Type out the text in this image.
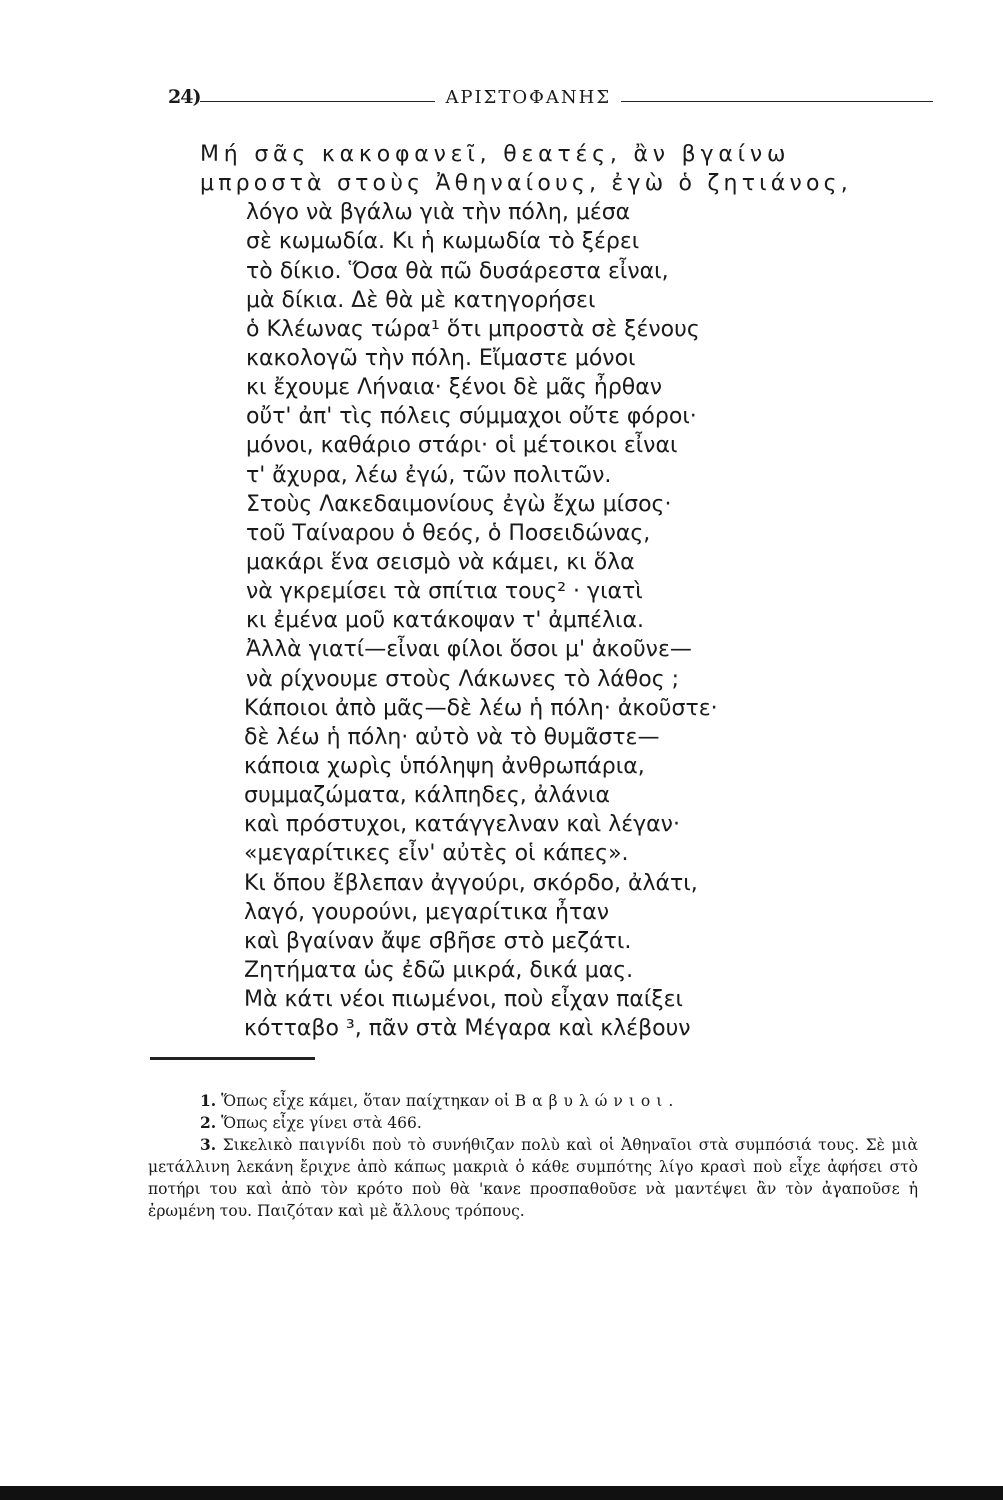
24)	ΑΡΙΣΤΟΦΑΝΗΣ
Μή σᾶς κακοφανεῖ, θεατές, ἂν βγαίνω
μπροστὰ στοὺς Ἀθηναίους, ἐγὼ ὁ ζητιάνος,
λόγο νὰ βγάλω γιὰ τὴν πόλη, μέσα
σὲ κωμωδία. Κι ἡ κωμωδία τὸ ξέρει
τὸ δίκιο. Ὅσα θὰ πῶ δυσάρεστα εἶναι,
μὰ δίκια. Δὲ θὰ μὲ κατηγορήσει
ὁ Κλέωνας τώρα¹ ὅτι μπροστὰ σὲ ξένους
κακολογῶ τὴν πόλη. Εἴμαστε μόνοι
κι ἔχουμε Λήναια· ξένοι δὲ μᾶς ἦρθαν
οὔτ' ἀπ' τὶς πόλεις σύμμαχοι οὔτε φόροι·
μόνοι, καθάριο στάρι· οἱ μέτοικοι εἶναι
τ' ἄχυρα, λέω ἐγώ, τῶν πολιτῶν.
Στοὺς Λακεδαιμονίους ἐγὼ ἔχω μίσος·
τοῦ Ταίναρου ὁ θεός, ὁ Ποσειδώνας,
μακάρι ἕνα σεισμὸ νὰ κάμει, κι ὅλα
νὰ γκρεμίσει τὰ σπίτια τους² · γιατὶ
κι ἐμένα μοῦ κατάκοψαν τ' ἀμπέλια.
Ἀλλὰ γιατί—εἶναι φίλοι ὅσοι μ' ἀκοῦνε—
νὰ ρίχνουμε στοὺς Λάκωνες τὸ λάθος ;
Κάποιοι ἀπὸ μᾶς—δὲ λέω ἡ πόλη· ἀκοῦστε·
δὲ λέω ἡ πόλη· αὐτὸ νὰ τὸ θυμᾶστε—
κάποια χωρὶς ὑπόληψη ἀνθρωπάρια,
συμμαζώματα, κάλπηδες, ἀλάνια
καὶ πρόστυχοι, κατάγγελναν καὶ λέγαν·
«μεγαρίτικες εἶν' αὐτὲς οἱ κάπες».
Κι ὅπου ἔβλεπαν ἀγγούρι, σκόρδο, ἀλάτι,
λαγό, γουρούνι, μεγαρίτικα ἦταν
καὶ βγαίναν ἄψε σβῆσε στὸ μεζάτι.
Ζητήματα ὡς ἐδῶ μικρά, δικά μας.
Μὰ κάτι νέοι πιωμένοι, ποὺ εἶχαν παίξει
κότταβο ³, πᾶν στὰ Μέγαρα καὶ κλέβουν

1. Ὅπως εἶχε κάμει, ὅταν παίχτηκαν οἱ Βαβυλώνιοι.

2. Ὅπως εἶχε γίνει στὰ 466.

3. Σικελικὸ παιγνίδι ποὺ τὸ συνήθιζαν πολὺ καὶ οἱ Ἀθηναῖοι στὰ συμπόσιά τους. Σὲ μιὰ μετάλλινη λεκάνη ἔριχνε ἀπὸ κάπως μακριὰ ὁ κάθε συμπότης λίγο κρασὶ ποὺ εἶχε ἀφήσει στὸ ποτήρι του καὶ ἀπὸ τὸν κρότο ποὺ θὰ 'κανε προσπαθοῦσε νὰ μαντέψει ἂν τὸν ἀγαποῦσε ἡ ἐρωμένη του. Παιζόταν καὶ μὲ ἄλλους τρόπους.
